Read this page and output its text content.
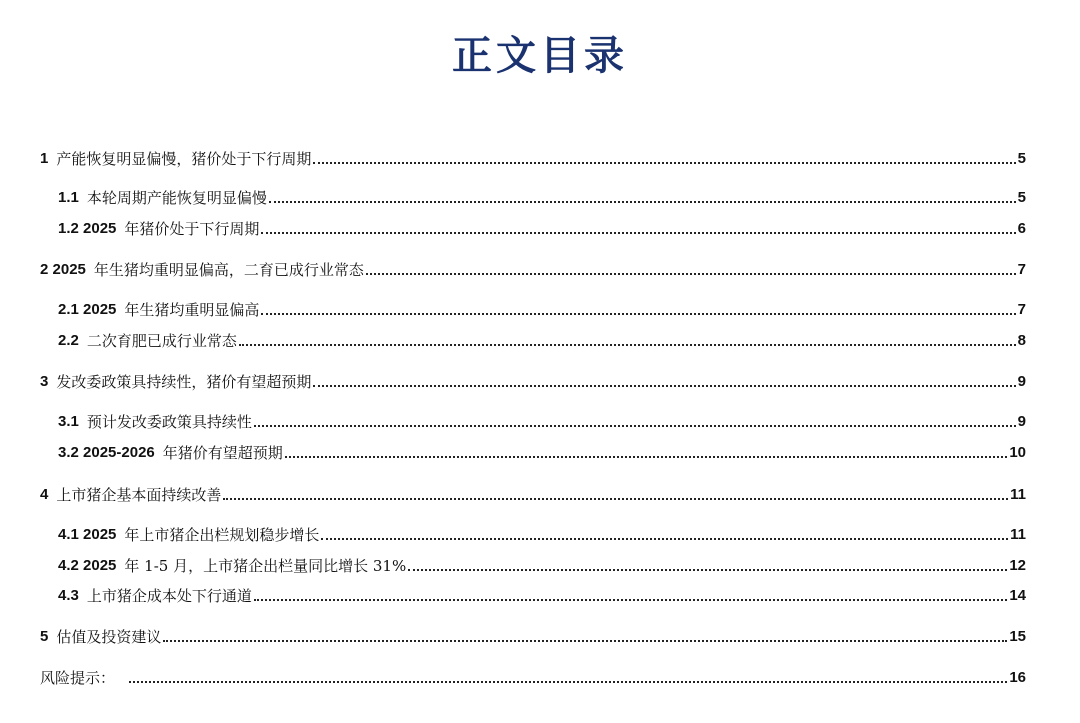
正文目录
1 产能恢复明显偏慢，猪价处于下行周期	5
1.1 本轮周期产能恢复明显偏慢	5
1.2 2025 年猪价处于下行周期	6
2 2025 年生猪均重明显偏高，二育已成行业常态	7
2.1 2025 年生猪均重明显偏高	7
2.2 二次育肥已成行业常态	8
3 发改委政策具持续性，猪价有望超预期	9
3.1 预计发改委政策具持续性	9
3.2 2025-2026 年猪价有望超预期	10
4 上市猪企基本面持续改善	11
4.1 2025 年上市猪企出栏规划稳步增长	11
4.2 2025 年 1-5 月，上市猪企出栏量同比增长 31%	12
4.3 上市猪企成本处下行通道	14
5 估值及投资建议	15
风险提示：	16
